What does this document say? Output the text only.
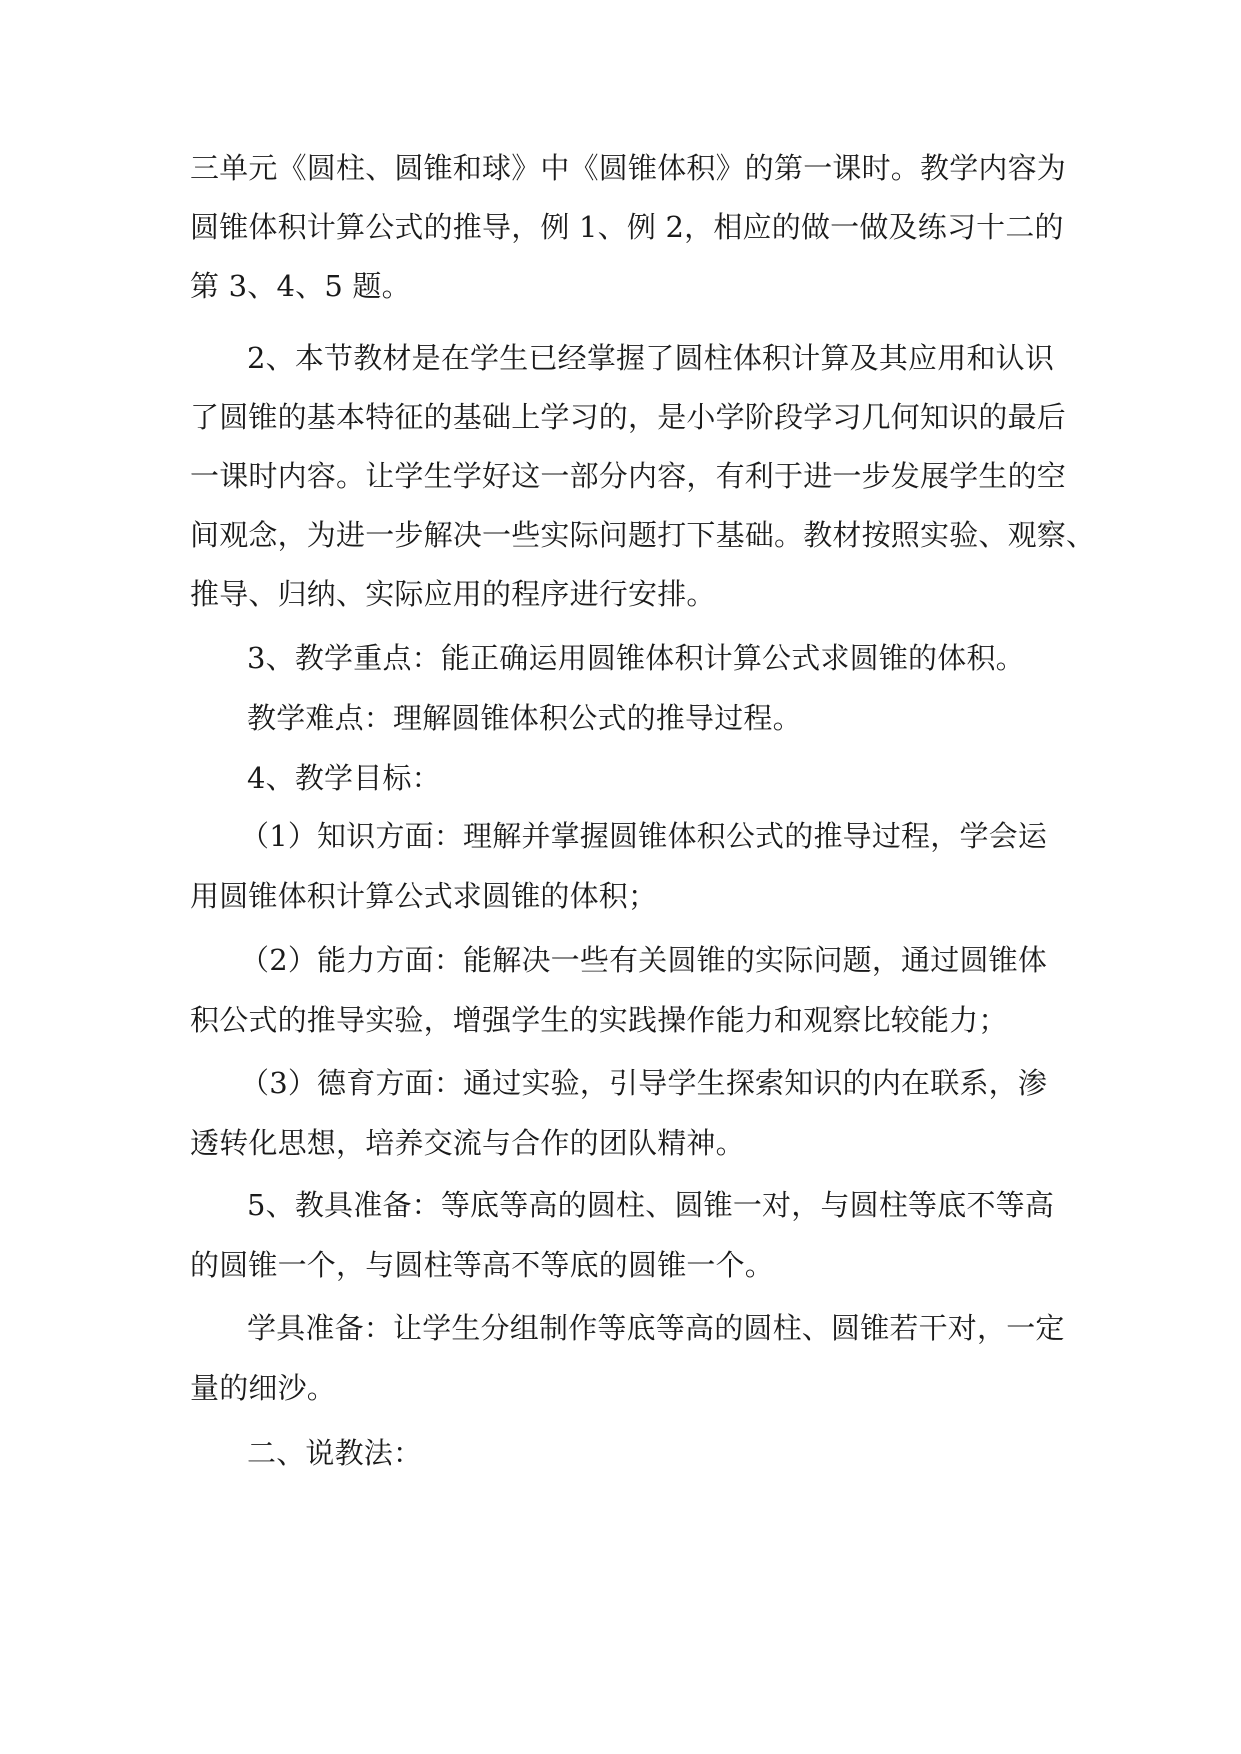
三单元《圆柱、圆锥和球》中《圆锥体积》的第一课时。教学内容为
圆锥体积计算公式的推导，例 1、例 2，相应的做一做及练习十二的
第 3、4、5 题。
2、本节教材是在学生已经掌握了圆柱体积计算及其应用和认识
了圆锥的基本特征的基础上学习的，是小学阶段学习几何知识的最后
一课时内容。让学生学好这一部分内容，有利于进一步发展学生的空
间观念，为进一步解决一些实际问题打下基础。教材按照实验、观察、
推导、归纳、实际应用的程序进行安排。
3、教学重点：能正确运用圆锥体积计算公式求圆锥的体积。
教学难点：理解圆锥体积公式的推导过程。
4、教学目标：
（1）知识方面：理解并掌握圆锥体积公式的推导过程，学会运
用圆锥体积计算公式求圆锥的体积；
（2）能力方面：能解决一些有关圆锥的实际问题，通过圆锥体
积公式的推导实验，增强学生的实践操作能力和观察比较能力；
（3）德育方面：通过实验，引导学生探索知识的内在联系，渗
透转化思想，培养交流与合作的团队精神。
5、教具准备：等底等高的圆柱、圆锥一对，与圆柱等底不等高
的圆锥一个，与圆柱等高不等底的圆锥一个。
学具准备：让学生分组制作等底等高的圆柱、圆锥若干对，一定
量的细沙。
二、说教法：
